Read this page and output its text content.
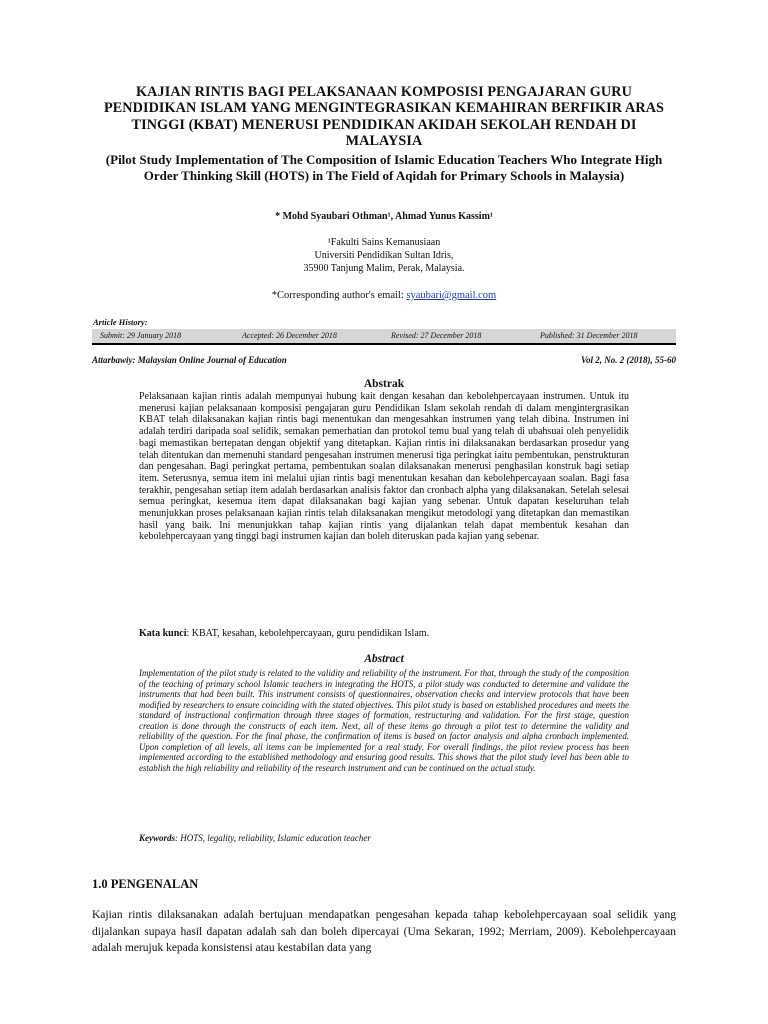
KAJIAN RINTIS BAGI PELAKSANAAN KOMPOSISI PENGAJARAN GURU PENDIDIKAN ISLAM YANG MENGINTEGRASIKAN KEMAHIRAN BERFIKIR ARAS TINGGI (KBAT) MENERUSI PENDIDIKAN AKIDAH SEKOLAH RENDAH DI MALAYSIA
(Pilot Study Implementation of The Composition of Islamic Education Teachers Who Integrate High Order Thinking Skill (HOTS) in The Field of Aqidah for Primary Schools in Malaysia)
* Mohd Syaubari Othman¹, Ahmad Yunus Kassim¹
¹Fakulti Sains Kemanusiaan
Universiti Pendidikan Sultan Idris,
35900 Tanjung Malim, Perak, Malaysia.
*Corresponding author's email: syaubari@gmail.com
Article History:
Submit: 29 January 2018	Accepted: 26 December 2018	Revised: 27 December 2018	Published: 31 December 2018
Attarbawiy: Malaysian Online Journal of Education	Vol 2, No. 2 (2018), 55-60
Abstrak
Pelaksanaan kajian rintis adalah mempunyai hubung kait dengan kesahan dan kebolehpercayaan instrumen. Untuk itu menerusi kajian pelaksanaan komposisi pengajaran guru Pendidikan Islam sekolah rendah di dalam mengintergrasikan KBAT telah dilaksanakan kajian rintis bagi menentukan dan mengesahkan instrumen yang telah dibina. Instrumen ini adalah terdiri daripada soal selidik, semakan pemerhatian dan protokol temu bual yang telah di ubahsuai oleh penyelidik bagi memastikan bertepatan dengan objektif yang ditetapkan. Kajian rintis ini dilaksanakan berdasarkan prosedur yang telah ditentukan dan memenuhi standard pengesahan instrumen menerusi tiga peringkat iaitu pembentukan, penstrukturan dan pengesahan. Bagi peringkat pertama, pembentukan soalan dilaksanakan menerusi penghasilan konstruk bagi setiap item. Seterusnya, semua item ini melalui ujian rintis bagi menentukan kesahan dan kebolehpercayaan soalan. Bagi fasa terakhir, pengesahan setiap item adalah berdasarkan analisis faktor dan cronbach alpha yang dilaksanakan. Setelah selesai semua peringkat, kesemua item dapat dilaksanakan bagi kajian yang sebenar. Untuk dapatan keseluruhan telah menunjukkan proses pelaksanaan kajian rintis telah dilaksanakan mengikut metodologi yang ditetapkan dan memastikan hasil yang baik. Ini menunjukkan tahap kajian rintis yang dijalankan telah dapat membentuk kesahan dan kebolehpercayaan yang tinggi bagi instrumen kajian dan boleh diteruskan pada kajian yang sebenar.
Kata kunci: KBAT, kesahan, kebolehpercayaan, guru pendidikan Islam.
Abstract
Implementation of the pilot study is related to the validity and reliability of the instrument. For that, through the study of the composition of the teaching of primary school Islamic teachers in integrating the HOTS, a pilot study was conducted to determine and validate the instruments that had been built. This instrument consists of questionnaires, observation checks and interview protocols that have been modified by researchers to ensure coinciding with the stated objectives. This pilot study is based on established procedures and meets the standard of instructional confirmation through three stages of formation, restructuring and validation. For the first stage, question creation is done through the constructs of each item. Next, all of these items go through a pilot test to determine the validity and reliability of the question. For the final phase, the confirmation of items is based on factor analysis and alpha cronbach implemented. Upon completion of all levels, all items can be implemented for a real study. For overall findings, the pilot review process has been implemented according to the established methodology and ensuring good results. This shows that the pilot study level has been able to establish the high reliability and reliability of the research instrument and can be continued on the actual study.
Keywords: HOTS, legality, reliability, Islamic education teacher
1.0 PENGENALAN
Kajian rintis dilaksanakan adalah bertujuan mendapatkan pengesahan kepada tahap kebolehpercayaan soal selidik yang dijalankan supaya hasil dapatan adalah sah dan boleh dipercayai (Uma Sekaran, 1992; Merriam, 2009). Kebolehpercayaan adalah merujuk kepada konsistensi atau kestabilan data yang
